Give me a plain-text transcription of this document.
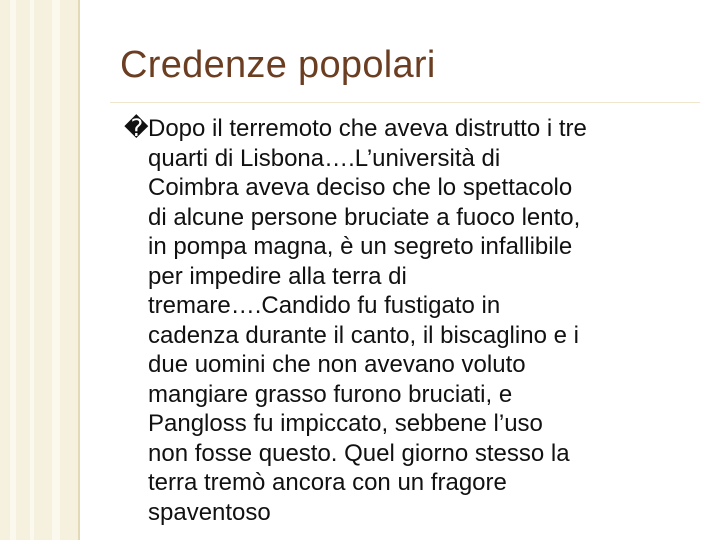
Credenze popolari
� Dopo il terremoto che aveva distrutto i tre
quarti di Lisbona….L’università di
Coimbra aveva deciso che lo spettacolo
di alcune persone bruciate a fuoco lento,
in pompa magna, è un segreto infallibile
per impedire alla terra di
tremare….Candido fu fustigato in
cadenza durante il canto, il biscaglino e i
due uomini che non avevano voluto
mangiare grasso furono bruciati, e
Pangloss fu impiccato, sebbene l’uso
non fosse questo. Quel giorno stesso la
terra tremò ancora con un fragore
spaventoso
